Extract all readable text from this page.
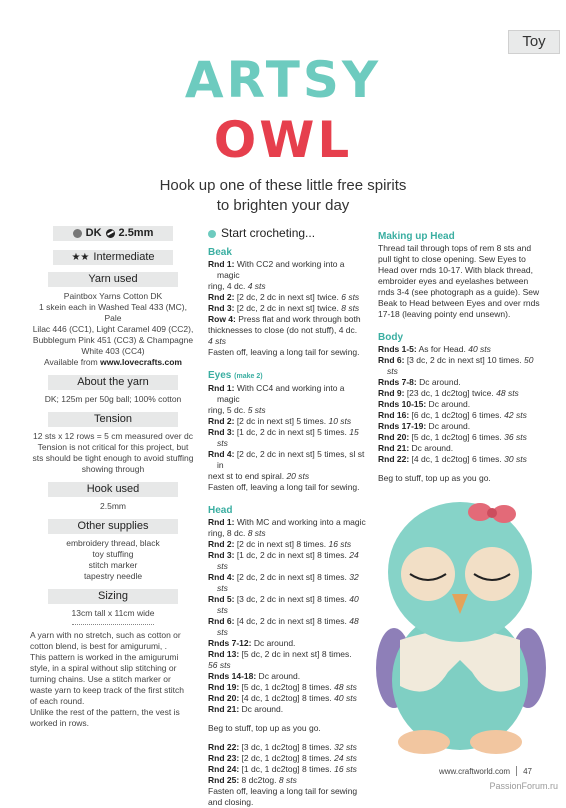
Toy
ARTSY
OWL
Hook up one of these little free spirits
to brighten your day
DK 2.5mm
★★ Intermediate
Yarn used
Paintbox Yarns Cotton DK
1 skein each in Washed Teal 433 (MC), Pale
Lilac 446 (CC1), Light Caramel 409 (CC2),
Bubblegum Pink 451 (CC3) & Champagne
White 403 (CC4)
Available from www.lovecrafts.com
About the yarn
DK; 125m per 50g ball; 100% cotton
Tension
12 sts x 12 rows = 5 cm measured over dc
Tension is not critical for this project, but
sts should be tight enough to avoid stuffing
showing through
Hook used
2.5mm
Other supplies
embroidery thread, black
toy stuffing
stitch marker
tapestry needle
Sizing
13cm tall x 11cm wide
A yarn with no stretch, such as cotton or
cotton blend, is best for amigurumi, .
This pattern is worked in the amigurumi
style, in a spiral without slip stitching or
turning chains. Use a stitch marker or
waste yarn to keep track of the first stitch
of each round.
Unlike the rest of the pattern, the vest is
worked in rows.
Start crocheting...
Beak
Rnd 1: With CC2 and working into a magic
ring, 4 dc. 4 sts
Rnd 2: [2 dc, 2 dc in next st] twice. 6 sts
Rnd 3: [2 dc, 2 dc in next st] twice. 8 sts
Row 4: Press flat and work through both
thicknesses to close (do not stuff), 4 dc.
4 sts
Fasten off, leaving a long tail for sewing.
Eyes (make 2)
Rnd 1: With CC4 and working into a magic
ring, 5 dc. 5 sts
Rnd 2: [2 dc in next st] 5 times. 10 sts
Rnd 3: [1 dc, 2 dc in next st] 5 times. 15 sts
Rnd 4: [2 dc, 2 dc in next st] 5 times, sl st in
next st to end spiral. 20 sts
Fasten off, leaving a long tail for sewing.
Head
Rnd 1: With MC and working into a magic
ring, 8 dc. 8 sts
Rnd 2: [2 dc in next st] 8 times. 16 sts
Rnd 3: [1 dc, 2 dc in next st] 8 times. 24 sts
Rnd 4: [2 dc, 2 dc in next st] 8 times. 32 sts
Rnd 5: [3 dc, 2 dc in next st] 8 times. 40 sts
Rnd 6: [4 dc, 2 dc in next st] 8 times. 48 sts
Rnds 7-12: Dc around.
Rnd 13: [5 dc, 2 dc in next st] 8 times.
56 sts
Rnds 14-18: Dc around.
Rnd 19: [5 dc, 1 dc2tog] 8 times. 48 sts
Rnd 20: [4 dc, 1 dc2tog] 8 times. 40 sts
Rnd 21: Dc around.
Beg to stuff, top up as you go.
Rnd 22: [3 dc, 1 dc2tog] 8 times. 32 sts
Rnd 23: [2 dc, 1 dc2tog] 8 times. 24 sts
Rnd 24: [1 dc, 1 dc2tog] 8 times. 16 sts
Rnd 25: 8 dc2tog. 8 sts
Fasten off, leaving a long tail for sewing
and closing.
Making up Head
Thread tail through tops of rem 8 sts and
pull tight to close opening. Sew Eyes to
Head over rnds 10-17. With black thread,
embroider eyes and eyelashes between
rnds 3-4 (see photograph as a guide). Sew
Beak to Head between Eyes and over rnds
17-18 (leaving pointy end unsewn).
Body
Rnds 1-5: As for Head. 40 sts
Rnd 6: [3 dc, 2 dc in next st] 10 times. 50 sts
Rnds 7-8: Dc around.
Rnd 9: [23 dc, 1 dc2tog] twice. 48 sts
Rnds 10-15: Dc around.
Rnd 16: [6 dc, 1 dc2tog] 6 times. 42 sts
Rnds 17-19: Dc around.
Rnd 20: [5 dc, 1 dc2tog] 6 times. 36 sts
Rnd 21: Dc around.
Rnd 22: [4 dc, 1 dc2tog] 6 times. 30 sts
Beg to stuff, top up as you go.
www.craftworld.com 47
PassionForum.ru
